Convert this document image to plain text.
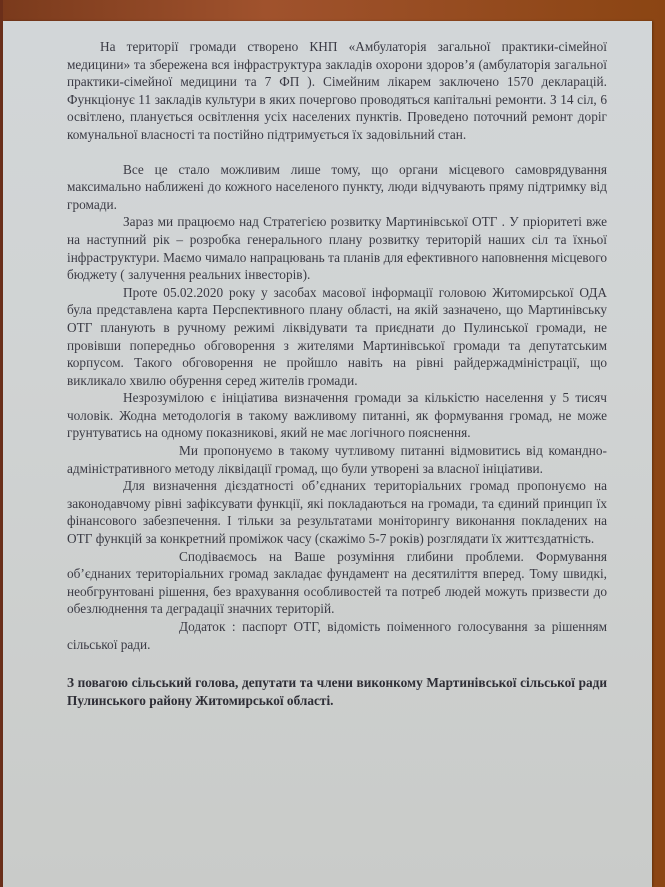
На території громади створено КНП «Амбулаторія загальної практики-сімейної медицини» та збережена вся інфраструктура закладів охорони здоров’я (амбулаторія загальної практики-сімейної медицини та 7 ФП ). Сімейним лікарем заключено 1570 декларацій. Функціонує 11 закладів культури в яких почергово проводяться капітальні ремонти. З 14 сіл, 6 освітлено, планується освітлення усіх населених пунктів. Проведено поточний ремонт доріг комунальної власності та постійно підтримується їх задовільний стан.

Все це стало можливим лише тому, що органи місцевого самоврядування максимально наближені до кожного населеного пункту, люди відчувають пряму підтримку від громади.

Зараз ми працюємо над Стратегією розвитку Мартинівської ОТГ . У пріоритеті вже на наступний рік – розробка генерального плану розвитку територій наших сіл та їхньої інфраструктури. Маємо чимало напрацювань та планів для ефективного наповнення місцевого бюджету ( залучення реальних інвесторів).

Проте 05.02.2020 року у засобах масової інформації головою Житомирської ОДА була представлена карта Перспективного плану області, на якій зазначено, що Мартинівську ОТГ планують в ручному режимі ліквідувати та приєднати до Пулинської громади, не провівши попередньо обговорення з жителями Мартинівської громади та депутатським корпусом. Такого обговорення не пройшло навіть на рівні райдержадміністрації, що викликало хвилю обурення серед жителів громади.

Незрозумілою є ініціатива визначення громади за кількістю населення у 5 тисяч чоловік. Жодна методологія в такому важливому питанні, як формування громад, не може грунтуватись на одному показникові, який не має логічного пояснення.

Ми пропонуємо в такому чутливому питанні відмовитись від командно-адміністративного методу ліквідації громад, що були утворені за власної ініціативи.

Для визначення дієздатності об’єднаних територіальних громад пропонуємо на законодавчому рівні зафіксувати функції, які покладаються на громади, та єдиний принцип їх фінансового забезпечення. І тільки за результатами моніторингу виконання покладених на ОТГ функцій за конкретний проміжок часу (скажімо 5-7 років) розглядати їх життєздатність.

Сподіваємось на Ваше розуміння глибини проблеми. Формування об’єднаних територіальних громад закладає фундамент на десятиліття вперед. Тому швидкі, необгрунтовані рішення, без врахування особливостей та потреб людей можуть призвести до обезлюднення та деградації значних територій.

Додаток : паспорт ОТГ, відомість поіменного голосування за рішенням сільської ради.

З повагою сільський голова, депутати та члени виконкому Мартинівської сільської ради Пулинського району Житомирської області.
